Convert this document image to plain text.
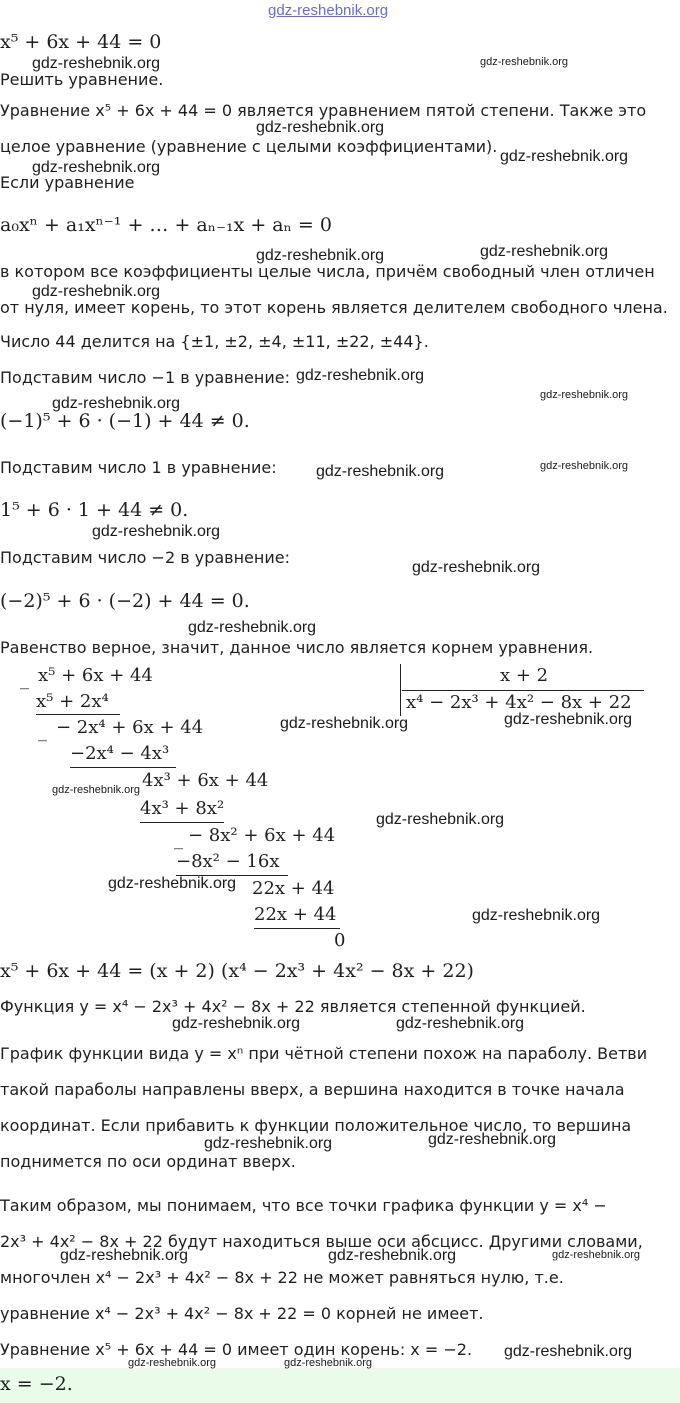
gdz-reshebnik.org
x⁵ + 6x + 44 = 0
Решить уравнение.
Уравнение x⁵ + 6x + 44 = 0 является уравнением пятой степени. Также это
целое уравнение (уравнение с целыми коэффициентами).
Если уравнение
a₀xⁿ + a₁xⁿ⁻¹ + … + aₙ₋₁x + aₙ = 0
в котором все коэффициенты целые числа, причём свободный член отличен
от нуля, имеет корень, то этот корень является делителем свободного члена.
Число 44 делится на {±1, ±2, ±4, ±11, ±22, ±44}.
Подставим число −1 в уравнение:
(−1)⁵ + 6 · (−1) + 44 ≠ 0.
Подставим число 1 в уравнение:
1⁵ + 6 · 1 + 44 ≠ 0.
Подставим число −2 в уравнение:
(−2)⁵ + 6 · (−2) + 44 = 0.
Равенство верное, значит, данное число является корнем уравнения.
_ x⁵ + 6x + 44	x + 2
x⁴ − 2x³ + 4x² − 8x + 22
x⁵ + 2x⁴
_ − 2x⁴ + 6x + 44
−2x⁴ − 4x³
4x³ + 6x + 44
4x³ + 8x²
_ − 8x² + 6x + 44
−8x² − 16x
22x + 44
22x + 44
0
x⁵ + 6x + 44 = (x + 2) (x⁴ − 2x³ + 4x² − 8x + 22)
Функция y = x⁴ − 2x³ + 4x² − 8x + 22 является степенной функцией.
График функции вида y = xⁿ при чётной степени похож на параболу. Ветви
такой параболы направлены вверх, а вершина находится в точке начала
координат. Если прибавить к функции положительное число, то вершина
поднимется по оси ординат вверх.
Таким образом, мы понимаем, что все точки графика функции y = x⁴ −
2x³ + 4x² − 8x + 22 будут находиться выше оси абсцисс. Другими словами,
многочлен x⁴ − 2x³ + 4x² − 8x + 22 не может равняться нулю, т.е.
уравнение x⁴ − 2x³ + 4x² − 8x + 22 = 0 корней не имеет.
Уравнение x⁵ + 6x + 44 = 0 имеет один корень: x = −2.
x = −2.
gdz-reshebnik.org	gdz-reshebnik.org
gdz-reshebnik.org
gdz-reshebnik.org
gdz-reshebnik.org
gdz-reshebnik.org	gdz-reshebnik.org
gdz-reshebnik.org
gdz-reshebnik.org
gdz-reshebnik.org
gdz-reshebnik.org
gdz-reshebnik.org	gdz-reshebnik.org
gdz-reshebnik.org
gdz-reshebnik.org
gdz-reshebnik.org
gdz-reshebnik.org	gdz-reshebnik.org
gdz-reshebnik.org
gdz-reshebnik.org
gdz-reshebnik.org
gdz-reshebnik.org
gdz-reshebnik.org	gdz-reshebnik.org
gdz-reshebnik.org	gdz-reshebnik.org
gdz-reshebnik.org	gdz-reshebnik.org	gdz-reshebnik.org
gdz-reshebnik.org
gdz-reshebnik.org	gdz-reshebnik.org
